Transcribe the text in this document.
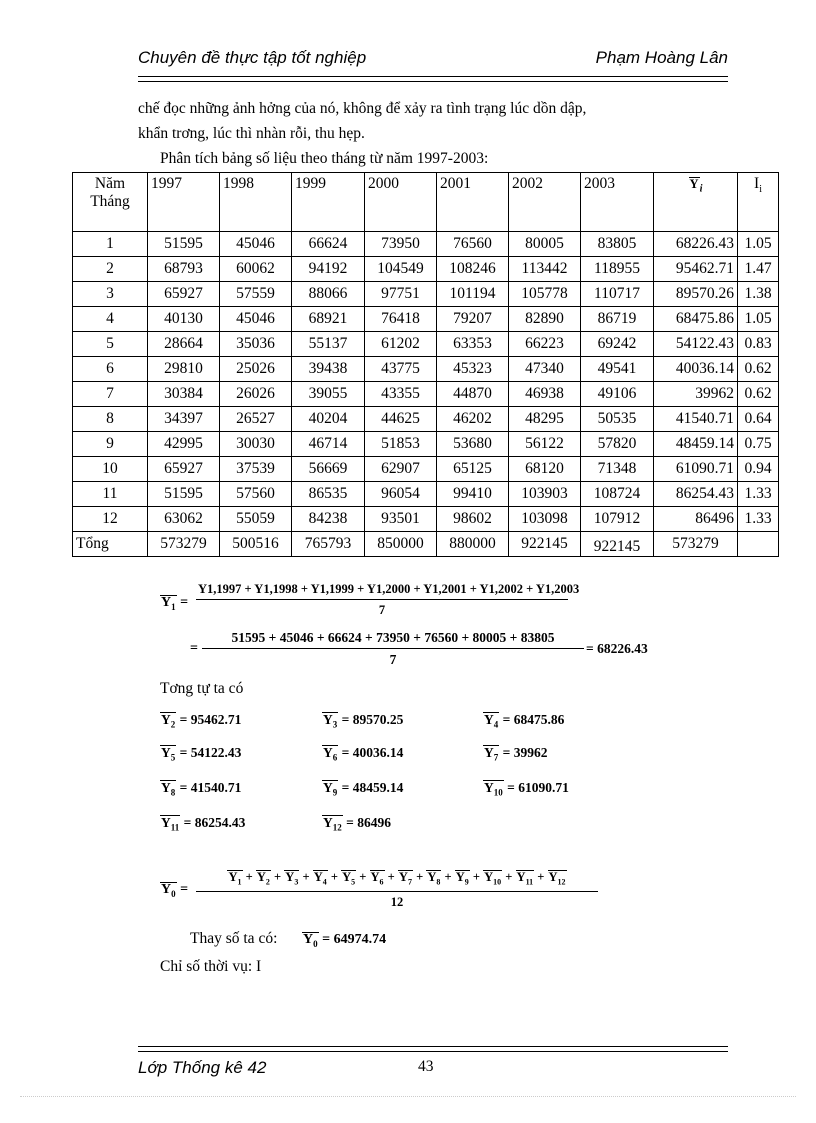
Chuyên đề thực tập tốt nghiệp	Phạm Hoàng Lân
chế đọc những ảnh hởng của nó, không để xảy ra tình trạng lúc dồn dập,
khẩn trơng, lúc thì nhàn rỗi, thu hẹp.
Phân tích bảng số liệu theo tháng từ năm 1997-2003:
Năm
Tháng	1997	1998	1999	2000	2001	2002	2003	$Y_i$	$I_i$
1	51595	45046	66624	73950	76560	80005	83805	68226.43	1.05
2	68793	60062	94192	104549	108246	113442	118955	95462.71	1.47
3	65927	57559	88066	97751	101194	105778	110717	89570.26	1.38
4	40130	45046	68921	76418	79207	82890	86719	68475.86	1.05
5	28664	35036	55137	61202	63353	66223	69242	54122.43	0.83
6	29810	25026	39438	43775	45323	47340	49541	40036.14	0.62
7	30384	26026	39055	43355	44870	46938	49106	39962	0.62
8	34397	26527	40204	44625	46202	48295	50535	41540.71	0.64
9	42995	30030	46714	51853	53680	56122	57820	48459.14	0.75
10	65927	37539	56669	62907	65125	68120	71348	61090.71	0.94
11	51595	57560	86535	96054	99410	103903	108724	86254.43	1.33
12	63062	55059	84238	93501	98602	103098	107912	86496	1.33
Tổng	573279	500516	765793	850000	880000	922145	922145	573279	
$Y_1$ =
Y1,1997 + Y1,1998 + Y1,1999 + Y1,2000 + Y1,2001 + Y1,2002 + Y1,2003
7
= $\frac{51595 + 45046 + 66624 + 73950 + 76560 + 80005 + 83805}{7} = 68226.43$
Tơng tự ta có
$Y_2 = 95462.71$	$Y_3 = 89570.25$	$Y_4 = 68475.86$
$Y_5 = 54122.43$	$Y_6 = 40036.14$	$Y_7 = 39962$
$Y_8 = 41540.71$	$Y_9 = 48459.14$	$Y_{10} = 61090.71$
$Y_{11} = 86254.43$	$Y_{12} = 86496$
$Y_0 = \frac{Y_1 + Y_2 + Y_3 + Y_4 + Y_5 + Y_6 + Y_7 + Y_8 + Y_9 + Y_{10} + Y_{11} + Y_{12}}{12}$
Thay số ta có: $Y_0 = 64974.74$
Chỉ số thời vụ: I
Lớp Thống kê 42	43
